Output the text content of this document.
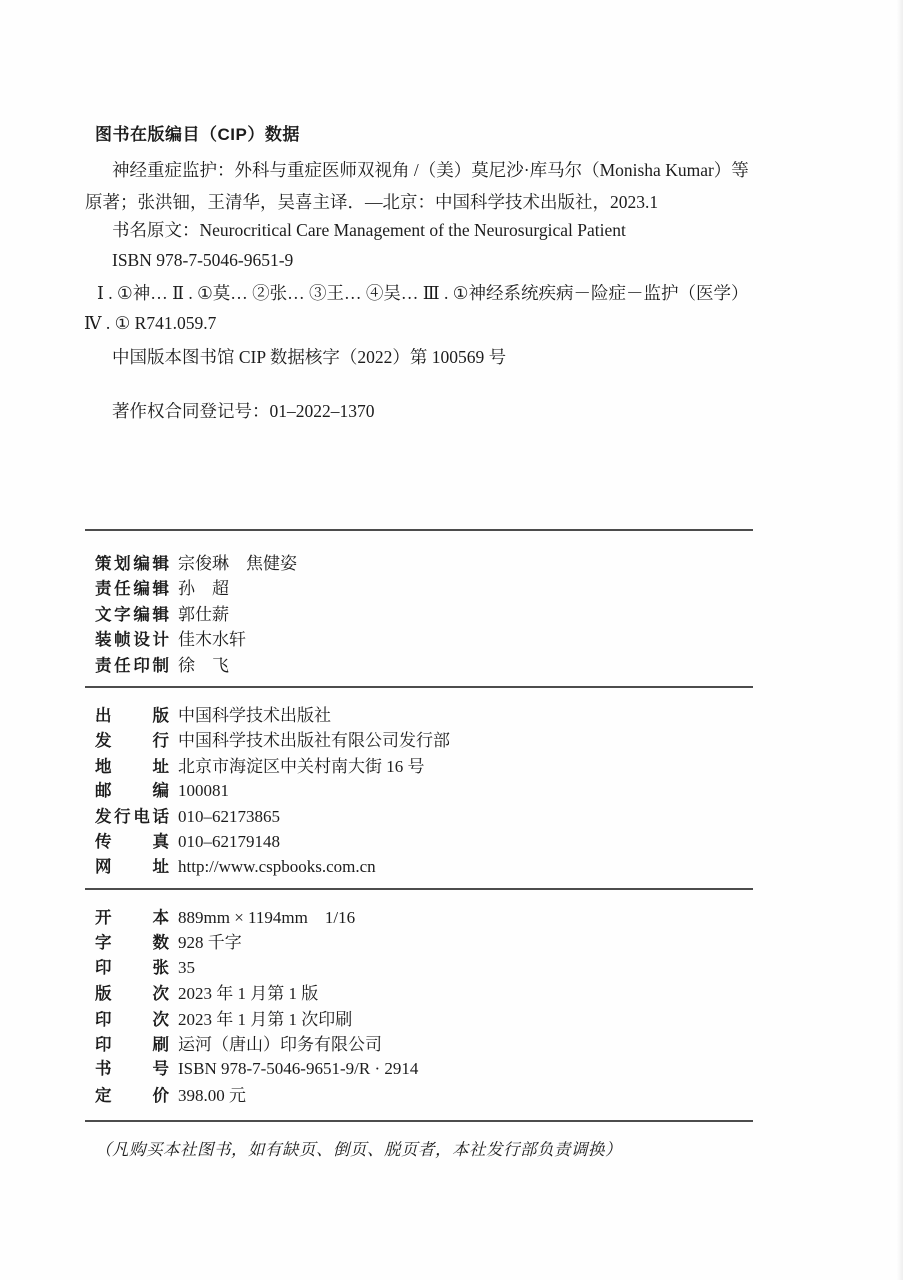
图书在版编目（CIP）数据
神经重症监护：外科与重症医师双视角 /（美）莫尼沙·库马尔（Monisha Kumar）等
原著；张洪钿，王清华，吴喜主译．—北京：中国科学技术出版社，2023.1
书名原文：Neurocritical Care Management of the Neurosurgical Patient
ISBN 978-7-5046-9651-9
Ⅰ . ①神… Ⅱ . ①莫… ②张… ③王… ④吴… Ⅲ . ①神经系统疾病－险症－监护（医学）
Ⅳ . ① R741.059.7
中国版本图书馆 CIP 数据核字（2022）第 100569 号
著作权合同登记号：01–2022–1370
策划编辑 宗俊琳　焦健姿
责任编辑 孙　超
文字编辑 郭仕薪
装帧设计 佳木水轩
责任印制 徐　飞
出版 中国科学技术出版社
发行 中国科学技术出版社有限公司发行部
地址 北京市海淀区中关村南大街 16 号
邮编 100081
发行电话 010–62173865
传真 010–62179148
网址 http://www.cspbooks.com.cn
开本 889mm × 1194mm　1/16
字数 928 千字
印张 35
版次 2023 年 1 月第 1 版
印次 2023 年 1 月第 1 次印刷
印刷 运河（唐山）印务有限公司
书号 ISBN 978-7-5046-9651-9/R · 2914
定价 398.00 元
（凡购买本社图书，如有缺页、倒页、脱页者，本社发行部负责调换）
